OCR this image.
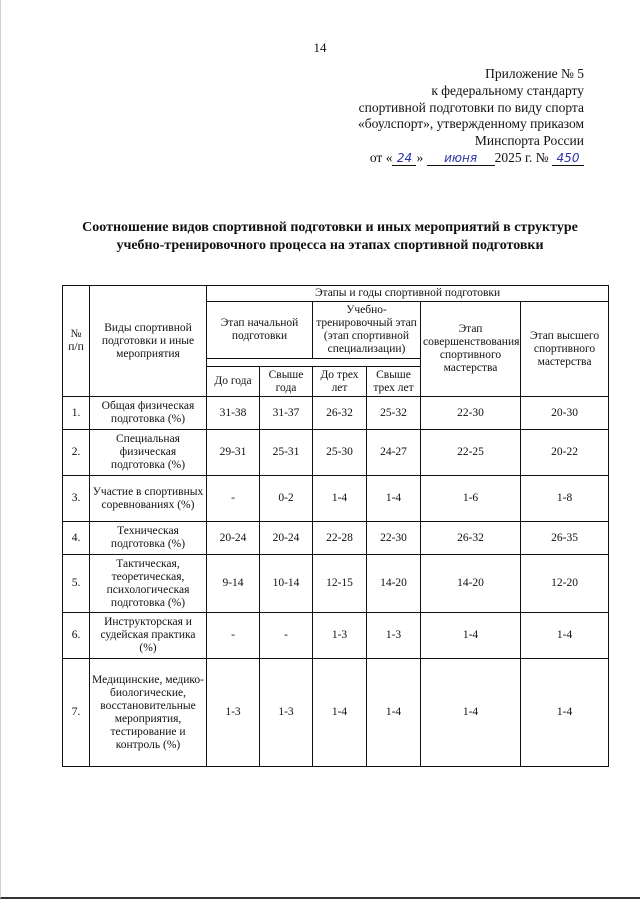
14
Приложение № 5
к федеральному стандарту
спортивной подготовки по виду спорта
«боулспорт», утвержденному приказом
Минспорта России
от « 24 » июня 2025 г. № 450
Соотношение видов спортивной подготовки и иных мероприятий в структуре
учебно-тренировочного процесса на этапах спортивной подготовки
№ п/п	Виды спортивной подготовки и иные мероприятия	Этапы и годы спортивной подготовки					
		Этап начальной подготовки		Учебно-тренировочный этап (этап спортивной специализации)		Этап совершенствования спортивного мастерства	Этап высшего спортивного мастерства

		До года	Свыше года	До трех лет	Свыше трех лет		
1.	Общая физическая подготовка (%)	31-38	31-37	26-32	25-32	22-30	20-30
2.	Специальная физическая подготовка (%)	29-31	25-31	25-30	24-27	22-25	20-22
3.	Участие в спортивных соревнованиях (%)	-	0-2	1-4	1-4	1-6	1-8
4.	Техническая подготовка (%)	20-24	20-24	22-28	22-30	26-32	26-35
5.	Тактическая, теоретическая, психологическая подготовка (%)	9-14	10-14	12-15	14-20	14-20	12-20
6.	Инструкторская и судейская практика (%)	-	-	1-3	1-3	1-4	1-4
7.	Медицинские, медико-биологические, восстановительные мероприятия, тестирование и контроль (%)	1-3	1-3	1-4	1-4	1-4	1-4
